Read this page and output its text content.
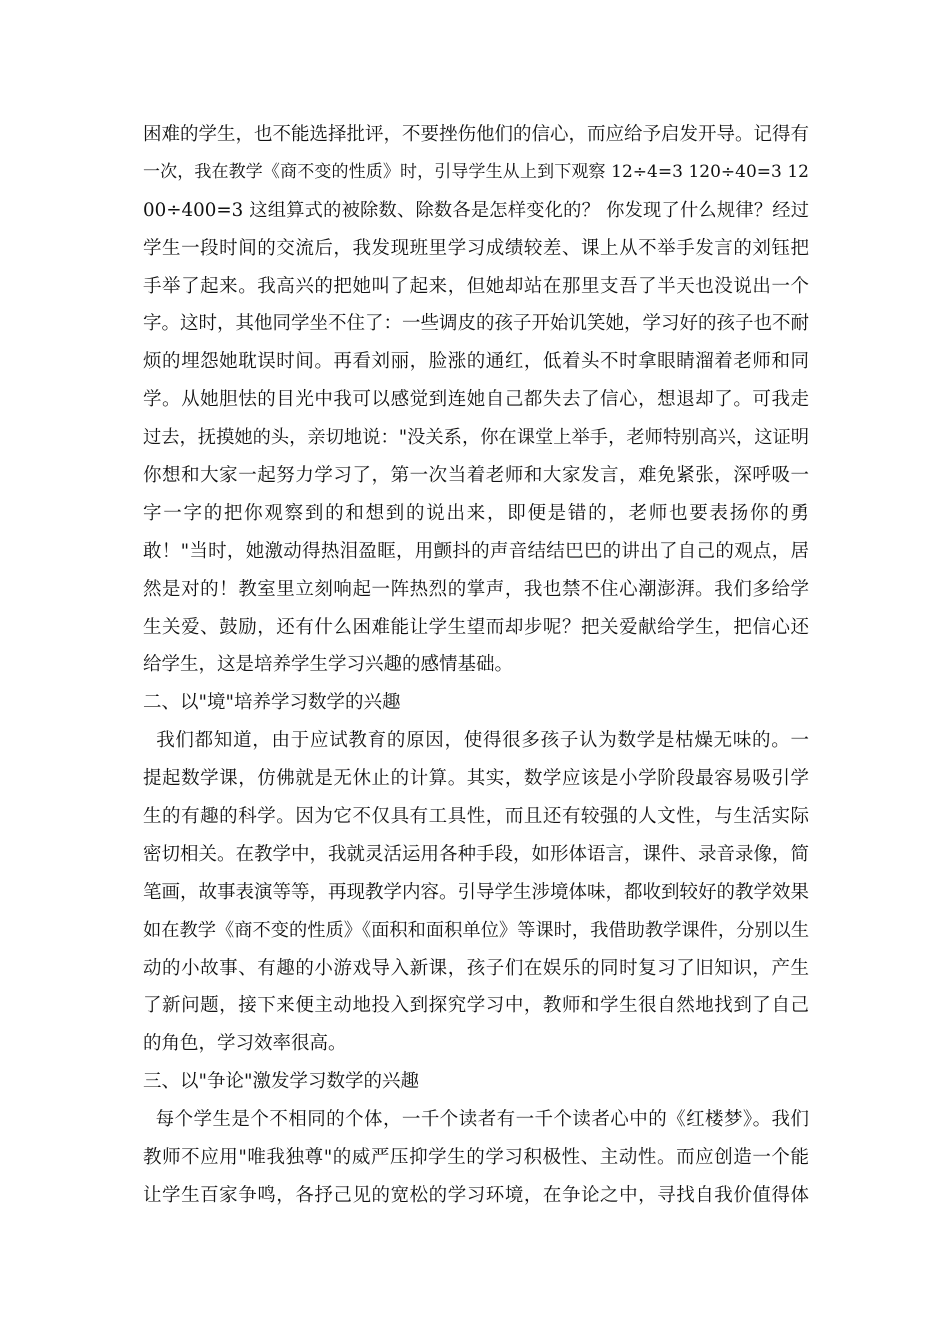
困难的学生，也不能选择批评，不要挫伤他们的信心，而应给予启发开导。记得有
一次，我在教学《商不变的性质》时，引导学生从上到下观察 12÷4=3 120÷40=3 12
00÷400=3 这组算式的被除数、除数各是怎样变化的？ 你发现了什么规律？经过
学生一段时间的交流后，我发现班里学习成绩较差、课上从不举手发言的刘钰把
手举了起来。我高兴的把她叫了起来，但她却站在那里支吾了半天也没说出一个
字。这时，其他同学坐不住了：一些调皮的孩子开始讥笑她，学习好的孩子也不耐
烦的埋怨她耽误时间。再看刘丽，脸涨的通红，低着头不时拿眼睛溜着老师和同
学。从她胆怯的目光中我可以感觉到连她自己都失去了信心，想退却了。可我走
过去，抚摸她的头，亲切地说："没关系，你在课堂上举手，老师特别高兴，这证明
你想和大家一起努力学习了，第一次当着老师和大家发言，难免紧张，深呼吸一
字一字的把你观察到的和想到的说出来，即便是错的，老师也要表扬你的勇
敢！"当时，她激动得热泪盈眶，用颤抖的声音结结巴巴的讲出了自己的观点，居
然是对的！教室里立刻响起一阵热烈的掌声，我也禁不住心潮澎湃。我们多给学
生关爱、鼓励，还有什么困难能让学生望而却步呢？把关爱献给学生，把信心还
给学生，这是培养学生学习兴趣的感情基础。
二、以"境"培养学习数学的兴趣
我们都知道，由于应试教育的原因，使得很多孩子认为数学是枯燥无味的。一
提起数学课，仿佛就是无休止的计算。其实，数学应该是小学阶段最容易吸引学
生的有趣的科学。因为它不仅具有工具性，而且还有较强的人文性，与生活实际
密切相关。在教学中，我就灵活运用各种手段，如形体语言，课件、录音录像，简
笔画，故事表演等等，再现教学内容。引导学生涉境体味，都收到较好的教学效果
如在教学《商不变的性质》《面积和面积单位》等课时，我借助教学课件，分别以生
动的小故事、有趣的小游戏导入新课，孩子们在娱乐的同时复习了旧知识，产生
了新问题，接下来便主动地投入到探究学习中，教师和学生很自然地找到了自己
的角色，学习效率很高。
三、以"争论"激发学习数学的兴趣
每个学生是个不相同的个体，一千个读者有一千个读者心中的《红楼梦》。我们
教师不应用"唯我独尊"的威严压抑学生的学习积极性、主动性。而应创造一个能
让学生百家争鸣，各抒己见的宽松的学习环境，在争论之中，寻找自我价值得体
